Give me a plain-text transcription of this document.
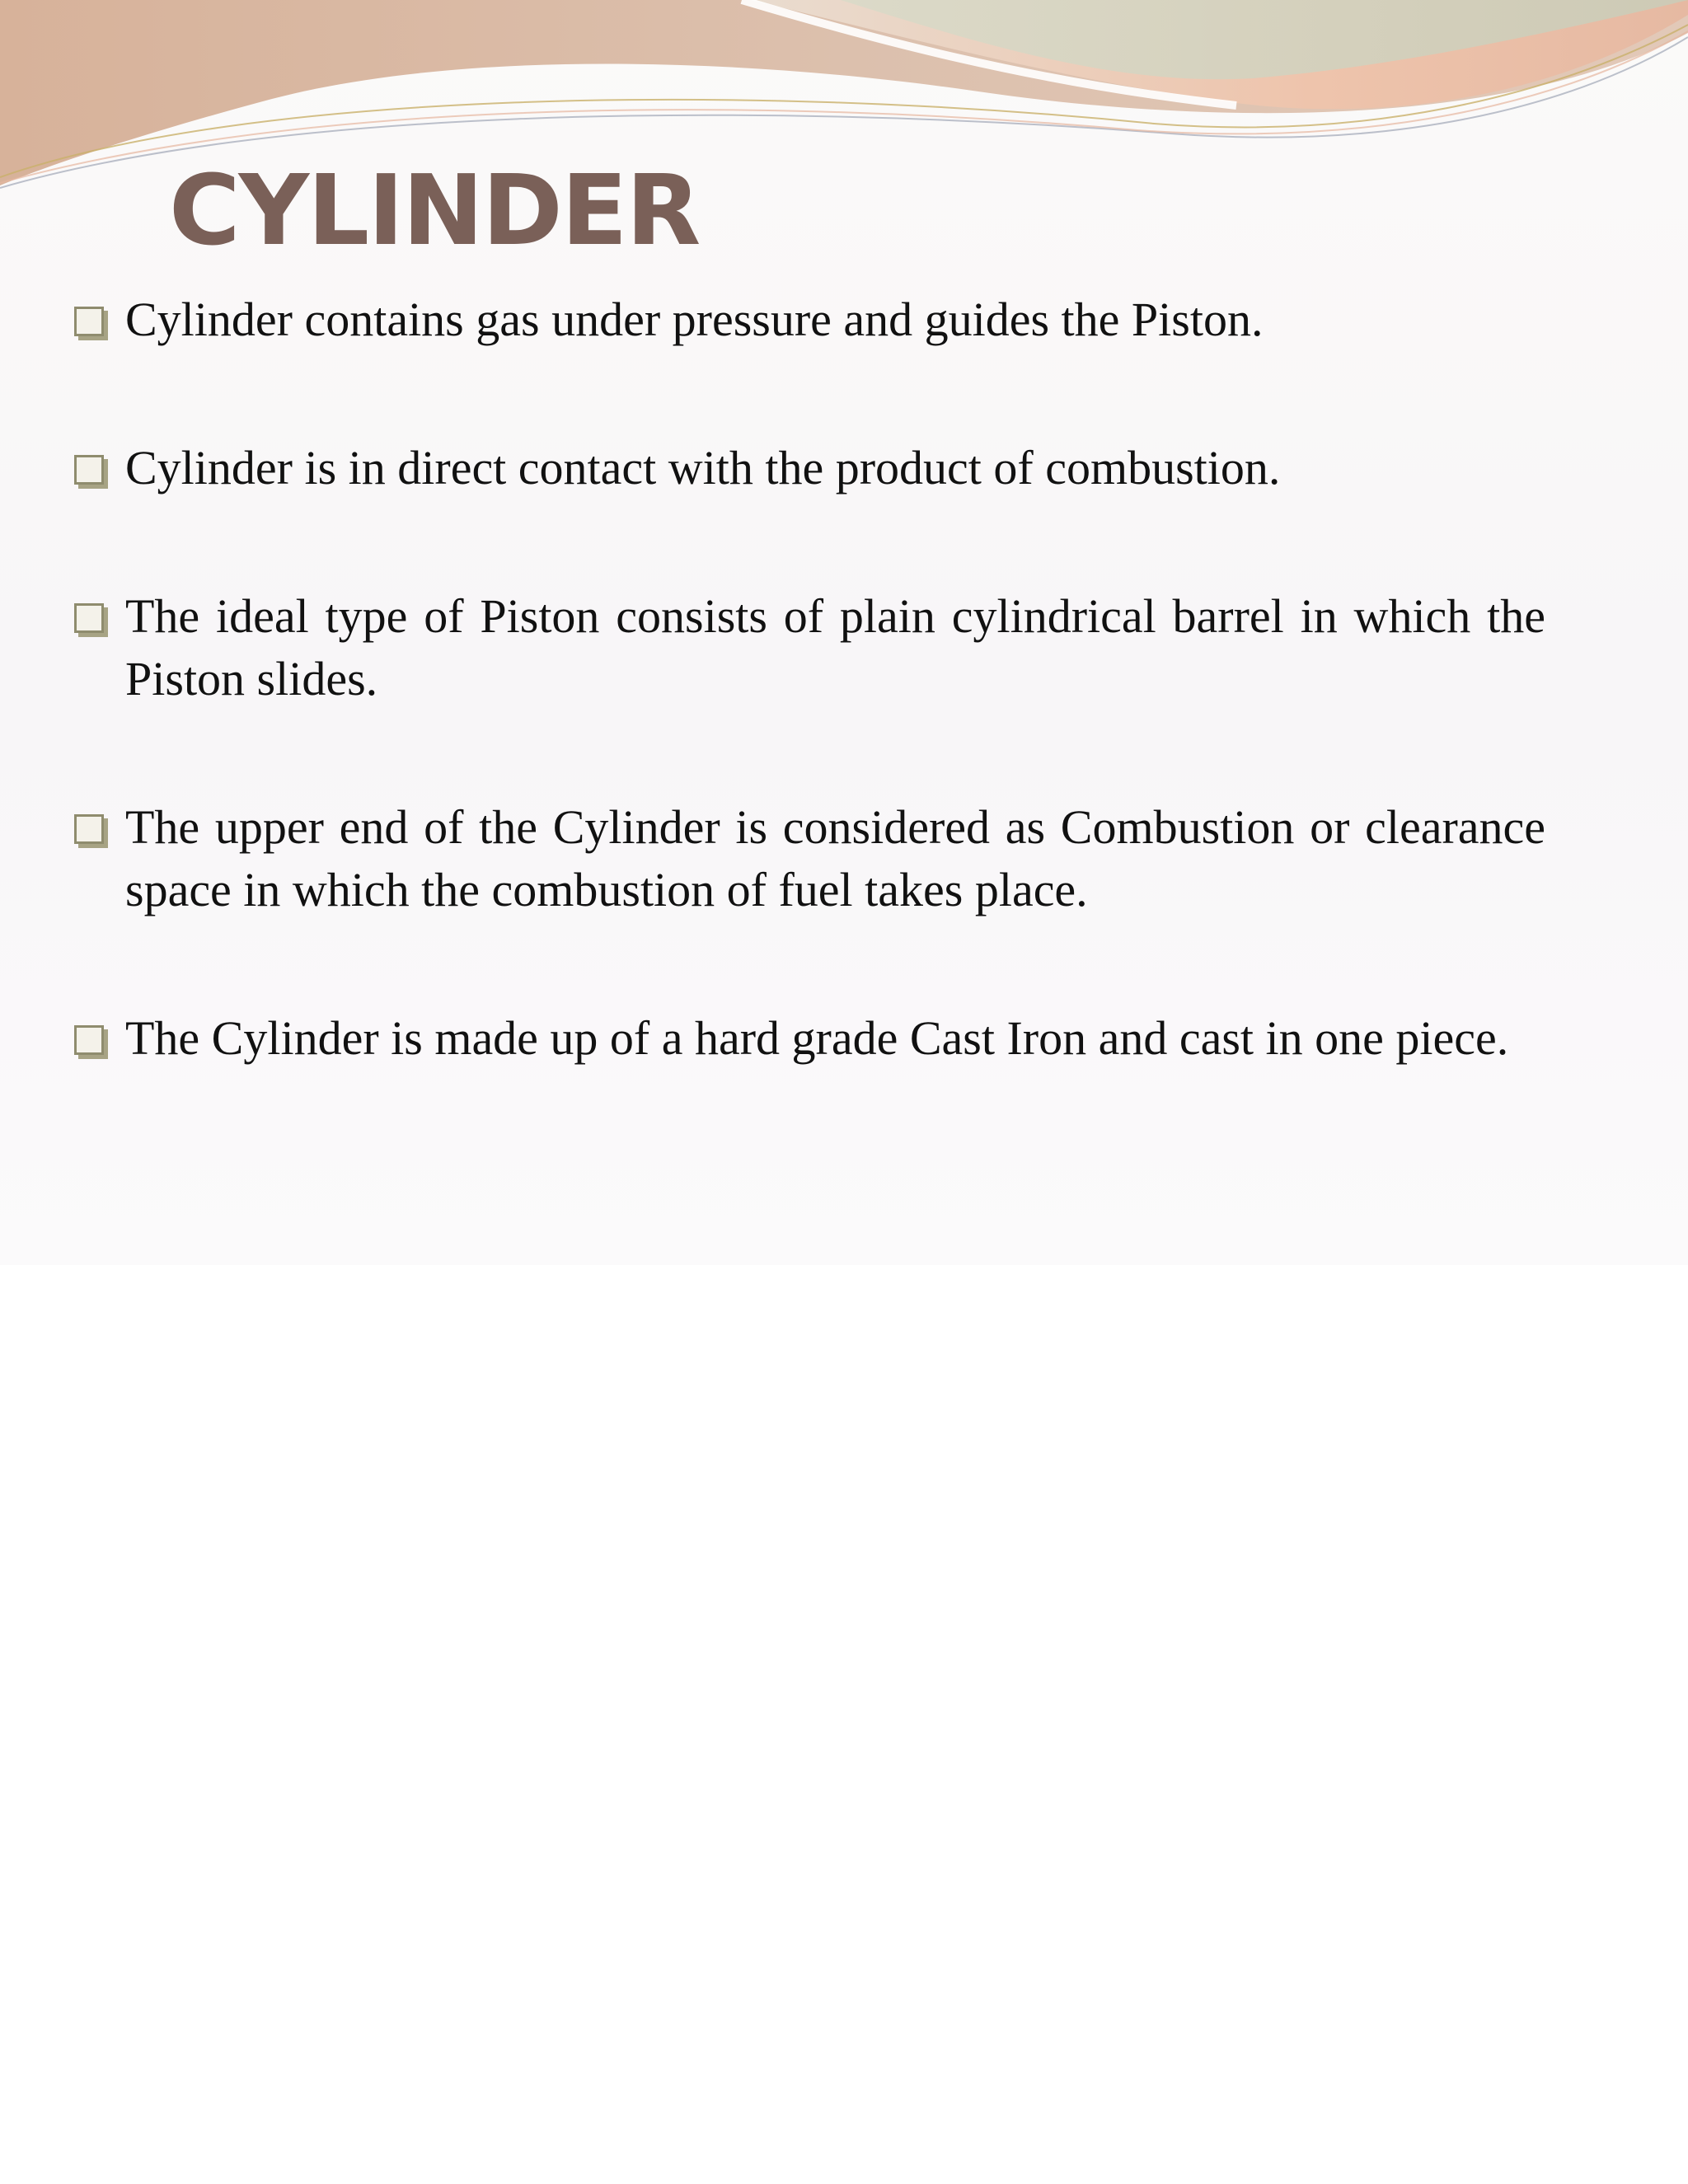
CYLINDER
Cylinder contains gas under pressure and guides the Piston.
Cylinder is in direct contact with the product of combustion.
The ideal type of Piston consists of plain cylindrical barrel in which the Piston slides.
The upper end of the Cylinder is considered as Combustion or clearance space in which the combustion of fuel takes place.
The Cylinder is made up of a hard grade Cast Iron and cast in one piece.
